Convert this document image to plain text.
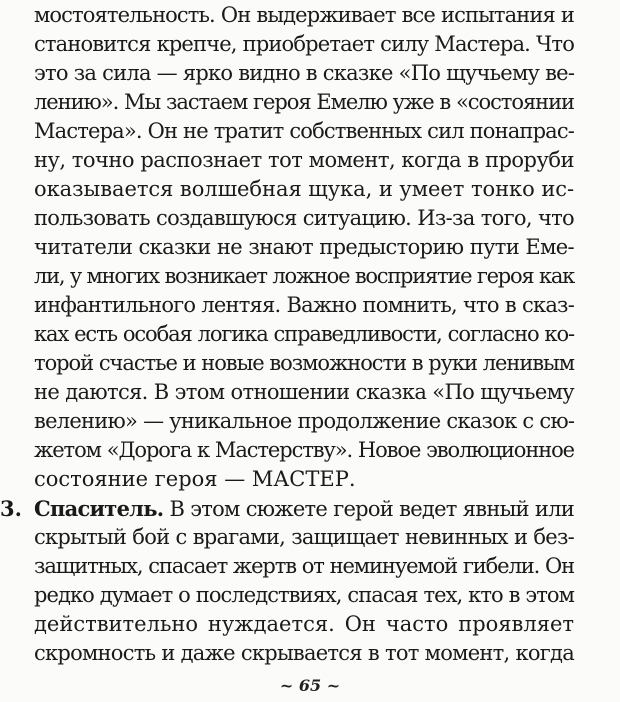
мостоятельность. Он выдерживает все испытания и
становится крепче, приобретает силу Мастера. Что
это за сила — ярко видно в сказке «По щучьему ве-
лению». Мы застаем героя Емелю уже в «состоянии
Мастера». Он не тратит собственных сил понапрас-
ну, точно распознает тот момент, когда в проруби
оказывается волшебная щука, и умеет тонко ис-
пользовать создавшуюся ситуацию. Из-за того, что
читатели сказки не знают предысторию пути Еме-
ли, у многих возникает ложное восприятие героя как
инфантильного лентяя. Важно помнить, что в сказ-
ках есть особая логика справедливости, согласно ко-
торой счастье и новые возможности в руки ленивым
не даются. В этом отношении сказка «По щучьему
велению» — уникальное продолжение сказок с сю-
жетом «Дорога к Мастерству». Новое эволюционное
состояние героя — МАСТЕР.
3. Спаситель. В этом сюжете герой ведет явный или
скрытый бой с врагами, защищает невинных и без-
защитных, спасает жертв от неминуемой гибели. Он
редко думает о последствиях, спасая тех, кто в этом
действительно нуждается. Он часто проявляет
скромность и даже скрывается в тот момент, когда
~ 65 ~
